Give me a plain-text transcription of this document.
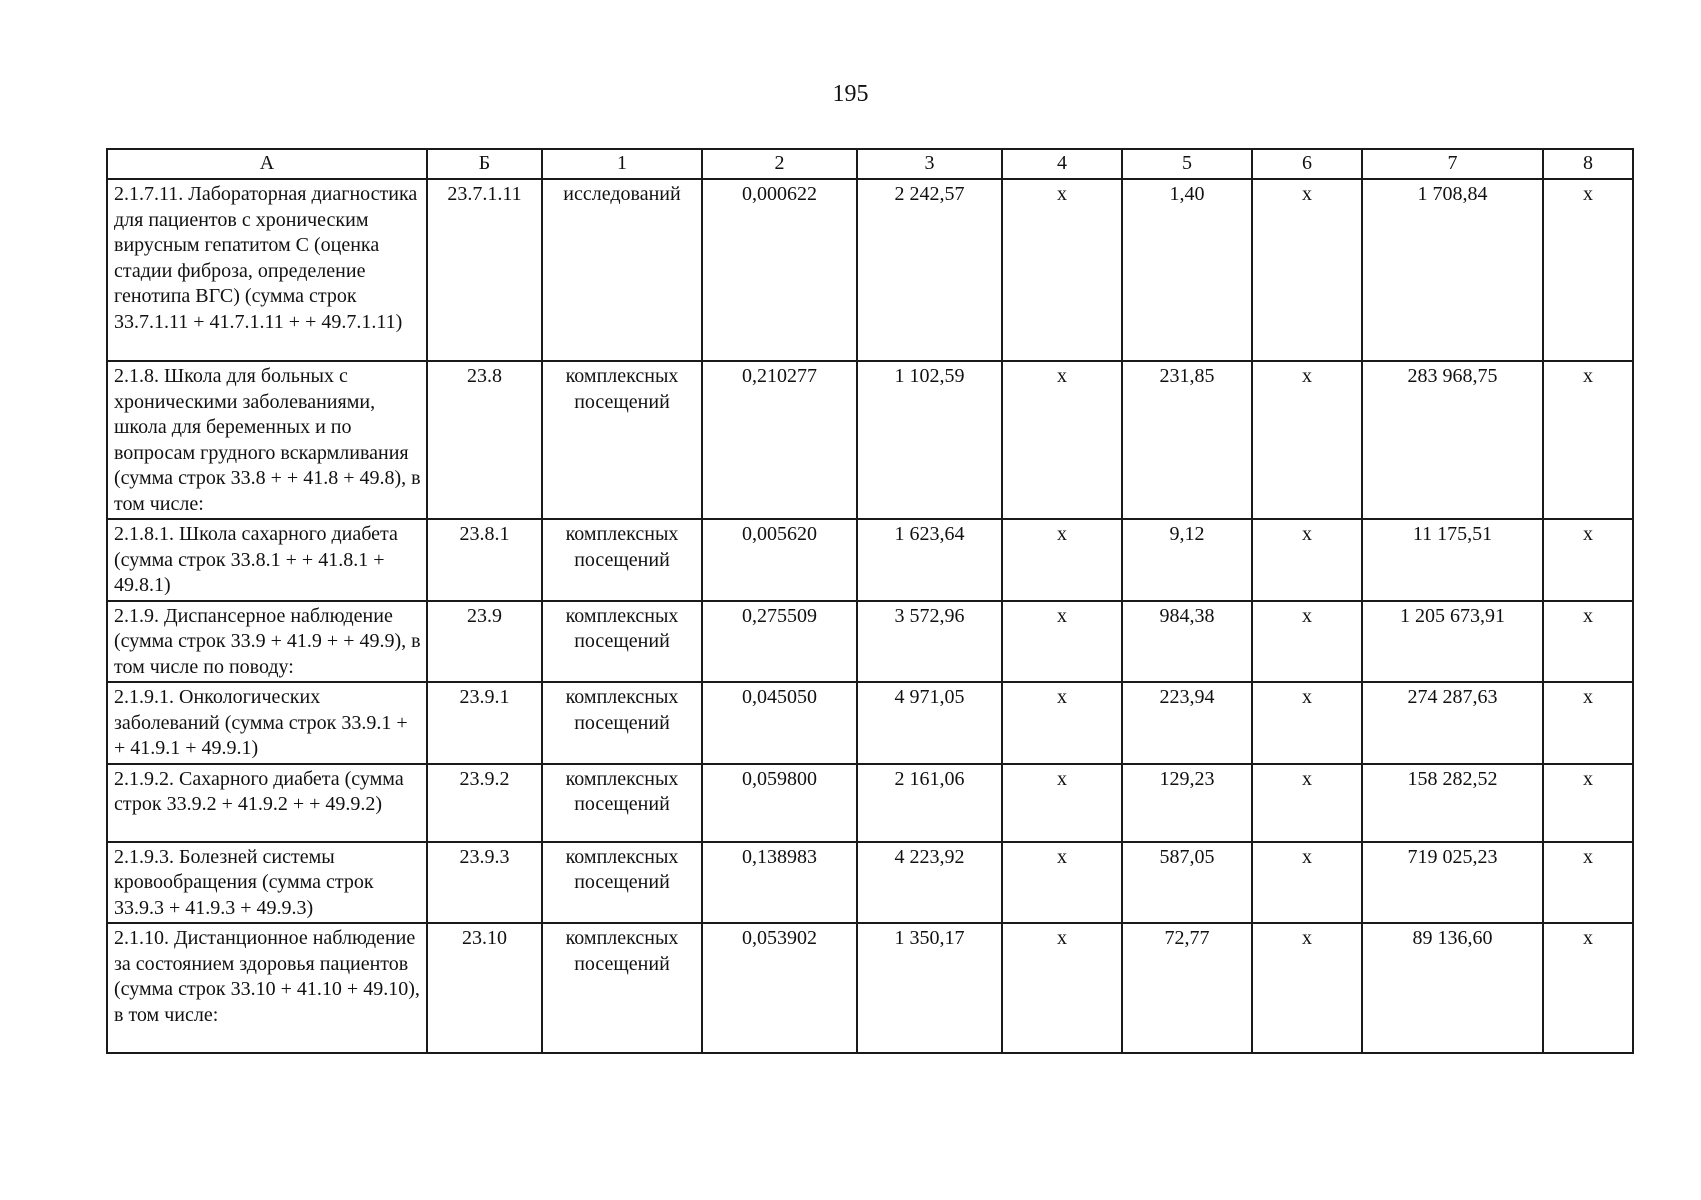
195
А	Б	1	2	3	4	5	6	7	8
2.1.7.11. Лабораторная диагностика для пациентов с хроническим вирусным гепатитом С (оценка стадии фиброза, определение генотипа ВГС) (сумма строк 33.7.1.11 + 41.7.1.11 + + 49.7.1.11)	23.7.1.11	исследований	0,000622	2 242,57	х	1,40	х	1 708,84	х
2.1.8. Школа для больных с хроническими заболеваниями, школа для беременных и по вопросам грудного вскармливания (сумма строк 33.8 + + 41.8 + 49.8), в том числе:	23.8	комплексных посещений	0,210277	1 102,59	х	231,85	х	283 968,75	х
2.1.8.1. Школа сахарного диабета (сумма строк 33.8.1 + + 41.8.1 + 49.8.1)	23.8.1	комплексных посещений	0,005620	1 623,64	х	9,12	х	11 175,51	х
2.1.9. Диспансерное наблюдение (сумма строк 33.9 + 41.9 + + 49.9), в том числе по поводу:	23.9	комплексных посещений	0,275509	3 572,96	х	984,38	х	1 205 673,91	х
2.1.9.1. Онкологических заболеваний (сумма строк 33.9.1 + + 41.9.1 + 49.9.1)	23.9.1	комплексных посещений	0,045050	4 971,05	х	223,94	х	274 287,63	х
2.1.9.2. Сахарного диабета (сумма строк 33.9.2 + 41.9.2 + + 49.9.2)	23.9.2	комплексных посещений	0,059800	2 161,06	х	129,23	х	158 282,52	х
2.1.9.3. Болезней системы кровообращения (сумма строк 33.9.3 + 41.9.3 + 49.9.3)	23.9.3	комплексных посещений	0,138983	4 223,92	х	587,05	х	719 025,23	х
2.1.10. Дистанционное наблюдение за состоянием здоровья пациентов (сумма строк 33.10 + 41.10 + 49.10), в том числе:	23.10	комплексных посещений	0,053902	1 350,17	х	72,77	х	89 136,60	х
